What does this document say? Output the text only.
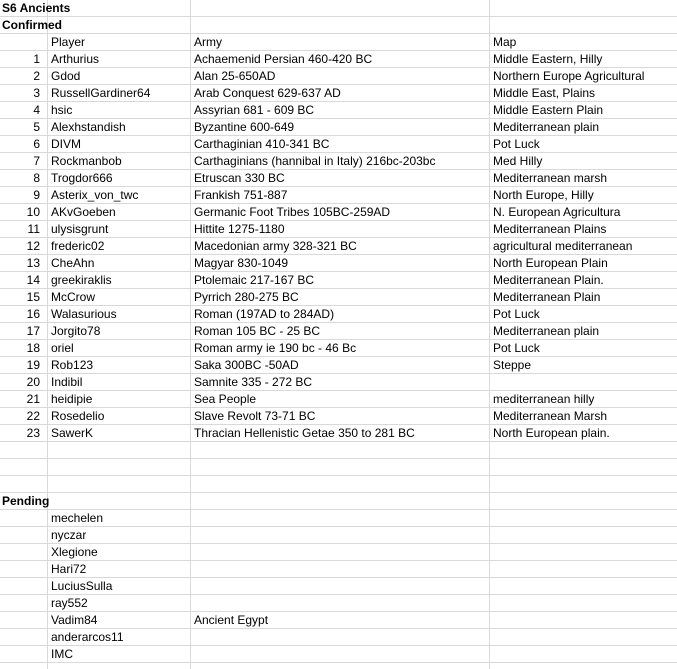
S6 Ancients
Confirmed
Player	Army	Map
1 Arthurius	Achaemenid Persian 460-420 BC	Middle Eastern, Hilly
2 Gdod	Alan 25-650AD	Northern Europe Agricultural
3 RussellGardiner64	Arab Conquest 629-637 AD	Middle East, Plains
4 hsic	Assyrian 681 - 609 BC	Middle Eastern Plain
5 Alexhstandish	Byzantine 600-649	Mediterranean plain
6 DIVM	Carthaginian 410-341 BC	Pot Luck
7 Rockmanbob	Carthaginians (hannibal in Italy) 216bc-203bc	Med Hilly
8 Trogdor666	Etruscan 330 BC	Mediterranean marsh
9 Asterix_von_twc	Frankish 751-887	North Europe, Hilly
10 AKvGoeben	Germanic Foot Tribes 105BC-259AD	N. European Agricultura
11 ulysisgrunt	Hittite 1275-1180	Mediterranean Plains
12 frederic02	Macedonian army 328-321 BC	agricultural mediterranean
13 CheAhn	Magyar 830-1049	North European Plain
14 greekiraklis	Ptolemaic 217-167 BC	Mediterranean Plain.
15 McCrow	Pyrrich 280-275 BC	Mediterranean Plain
16 Walasurious	Roman (197AD to 284AD)	Pot Luck
17 Jorgito78	Roman 105 BC - 25 BC	Mediterranean plain
18 oriel	Roman army ie 190 bc - 46 Bc	Pot Luck
19 Rob123	Saka 300BC -50AD	Steppe
20 Indibil	Samnite 335 - 272 BC
21 heidipie	Sea People	mediterranean hilly
22 Rosedelio	Slave Revolt 73-71 BC	Mediterranean Marsh
23 SawerK	Thracian Hellenistic Getae 350 to 281 BC	North European plain.
Pending
mechelen
nyczar
Xlegione
Hari72
LuciusSulla
ray552
Vadim84	Ancient Egypt
anderarcos11
IMC
